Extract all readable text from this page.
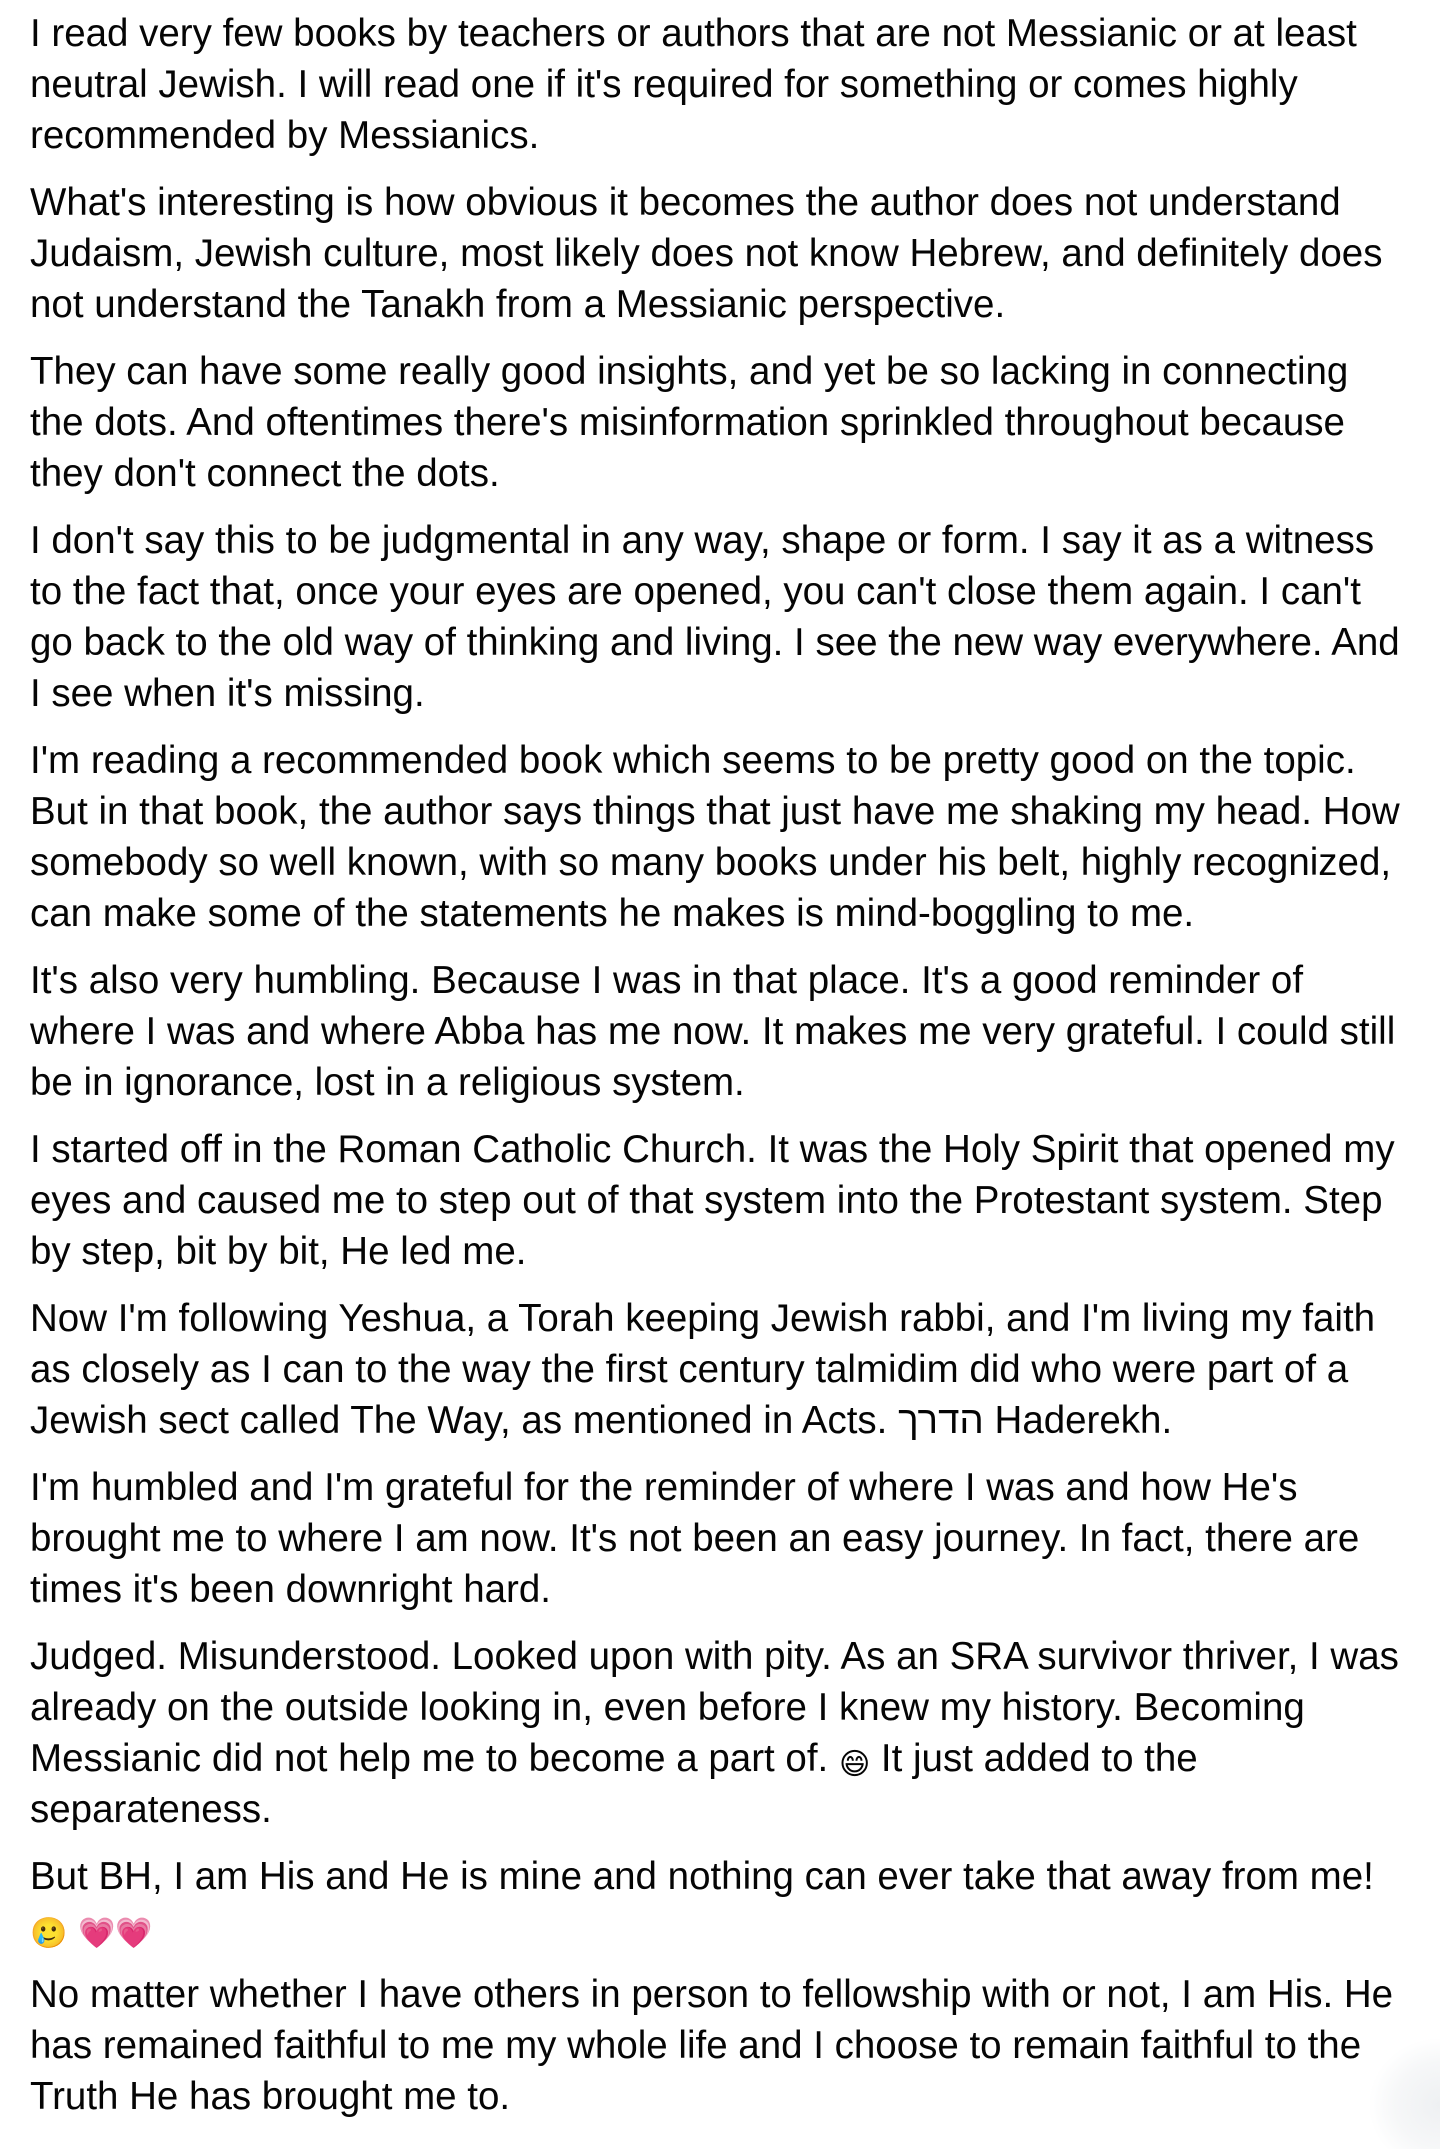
I read very few books by teachers or authors that are not Messianic or at least neutral Jewish. I will read one if it's required for something or comes highly recommended by Messianics.

What's interesting is how obvious it becomes the author does not understand Judaism, Jewish culture, most likely does not know Hebrew, and definitely does not understand the Tanakh from a Messianic perspective.

They can have some really good insights, and yet be so lacking in connecting the dots. And oftentimes there's misinformation sprinkled throughout because they don't connect the dots.

I don't say this to be judgmental in any way, shape or form. I say it as a witness to the fact that, once your eyes are opened, you can't close them again. I can't go back to the old way of thinking and living. I see the new way everywhere. And I see when it's missing.

I'm reading a recommended book which seems to be pretty good on the topic. But in that book, the author says things that just have me shaking my head. How somebody so well known, with so many books under his belt, highly recognized, can make some of the statements he makes is mind-boggling to me.

It's also very humbling. Because I was in that place. It's a good reminder of where I was and where Abba has me now. It makes me very grateful. I could still be in ignorance, lost in a religious system.

I started off in the Roman Catholic Church. It was the Holy Spirit that opened my eyes and caused me to step out of that system into the Protestant system. Step by step, bit by bit, He led me.

Now I'm following Yeshua, a Torah keeping Jewish rabbi, and I'm living my faith as closely as I can to the way the first century talmidim did who were part of a Jewish sect called The Way, as mentioned in Acts. הדרך Haderekh.

I'm humbled and I'm grateful for the reminder of where I was and how He's brought me to where I am now. It's not been an easy journey. In fact, there are times it's been downright hard.

Judged. Misunderstood. Looked upon with pity. As an SRA survivor thriver, I was already on the outside looking in, even before I knew my history. Becoming Messianic did not help me to become a part of. 😄 It just added to the separateness.

But BH, I am His and He is mine and nothing can ever take that away from me! 🥲 💗💗

No matter whether I have others in person to fellowship with or not, I am His. He has remained faithful to me my whole life and I choose to remain faithful to the Truth He has brought me to.
